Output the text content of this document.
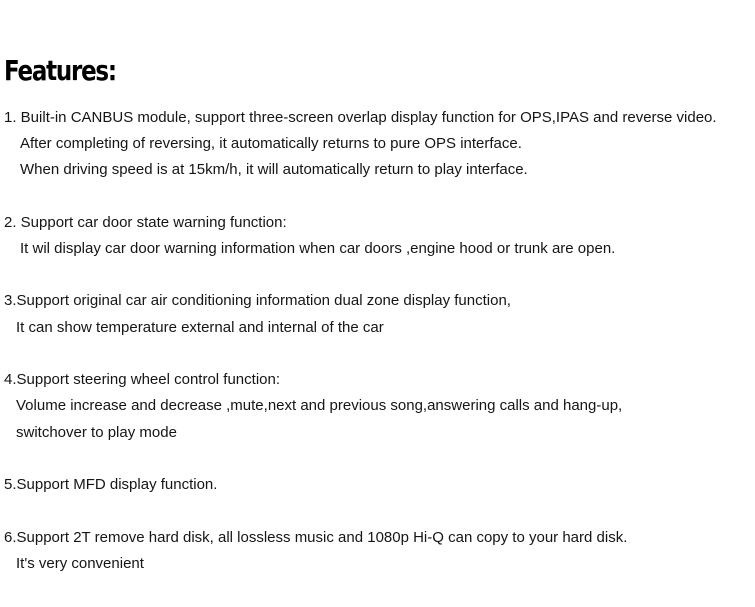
Features:
1. Built-in CANBUS module, support three-screen overlap display function for OPS,IPAS and reverse video.
After completing of reversing, it automatically returns to pure OPS interface.
When driving speed is at 15km/h, it will automatically return to play interface.
2. Support car door state warning function:
It wil display car door warning information when car doors ,engine hood or trunk are open.
3.Support original car air conditioning information dual zone display function,
It can show temperature external and internal of the car
4.Support steering wheel control function:
Volume increase and decrease ,mute,next and previous song,answering calls and hang-up,
switchover to play mode
5.Support MFD display function.
6.Support 2T remove hard disk, all lossless music and 1080p Hi-Q can copy to your hard disk.
It's very convenient
